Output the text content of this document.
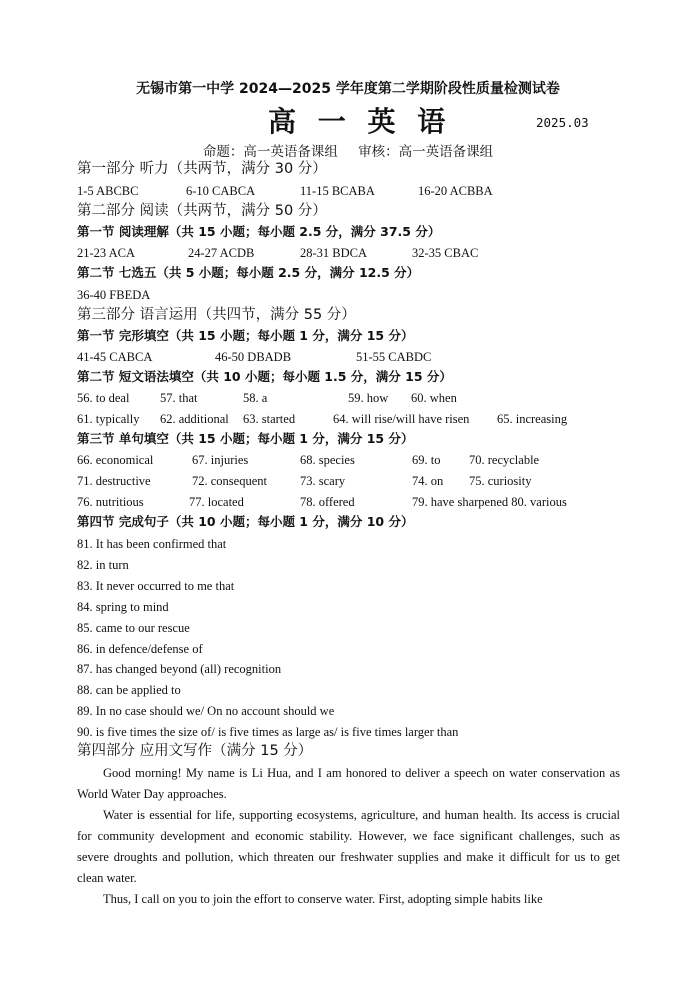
无锡市第一中学 2024—2025 学年度第二学期阶段性质量检测试卷
高 一 英 语	2025.03
命题：高一英语备课组 审核：高一英语备课组
第一部分 听力（共两节，满分 30 分）
1-5 ABCBC	6-10 CABCA	11-15 BCABA	16-20 ACBBA
第二部分 阅读（共两节，满分 50 分）
第一节 阅读理解（共 15 小题；每小题 2.5 分，满分 37.5 分）
21-23 ACA	24-27 ACDB	28-31 BDCA	32-35 CBAC
第二节 七选五（共 5 小题；每小题 2.5 分，满分 12.5 分）
36-40 FBEDA
第三部分 语言运用（共四节，满分 55 分）
第一节 完形填空（共 15 小题；每小题 1 分，满分 15 分）
41-45 CABCA	46-50 DBADB	51-55 CABDC
第二节 短文语法填空（共 10 小题；每小题 1.5 分，满分 15 分）
56. to deal 57. that	58. a	59. how 60. when
61. typically 62. additional 63. started	64. will rise/will have risen 65. increasing
第三节 单句填空（共 15 小题；每小题 1 分，满分 15 分）
66. economical	67. injuries	68. species	69. to 70. recyclable
71. destructive	72. consequent	73. scary	74. on 75. curiosity
76. nutritious	77. located	78. offered	79. have sharpened 80. various
第四节 完成句子（共 10 小题；每小题 1 分，满分 10 分）
81. It has been confirmed that
82. in turn
83. It never occurred to me that
84. spring to mind
85. came to our rescue
86. in defence/defense of
87. has changed beyond (all) recognition
88. can be applied to
89. In no case should we/ On no account should we
90. is five times the size of/ is five times as large as/ is five times larger than
第四部分 应用文写作（满分 15 分）
Good morning! My name is Li Hua, and I am honored to deliver a speech on water conservation as World Water Day approaches.
Water is essential for life, supporting ecosystems, agriculture, and human health. Its access is crucial for community development and economic stability. However, we face significant challenges, such as severe droughts and pollution, which threaten our freshwater supplies and make it difficult for us to get clean water.
Thus, I call on you to join the effort to conserve water. First, adopting simple habits like
